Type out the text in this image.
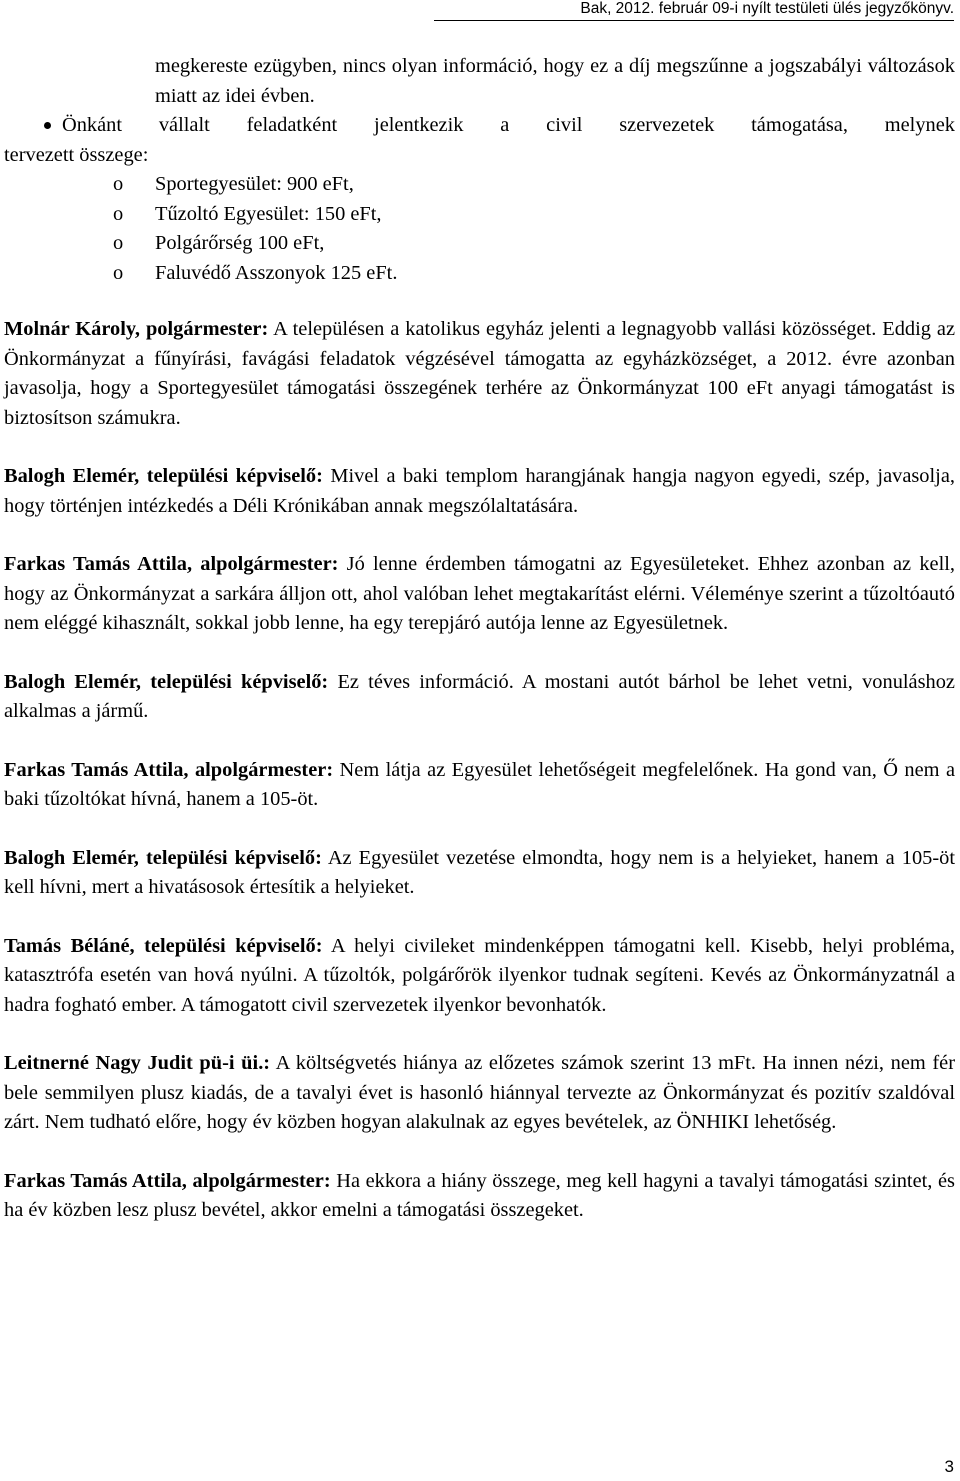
Bak, 2012. február 09-i nyílt testületi ülés jegyzőkönyv.
megkereste ezügyben, nincs olyan információ, hogy ez a díj megszűnne a jogszabályi változások miatt az idei évben.
Önkánt vállalt feladatként jelentkezik a civil szervezetek támogatása, melynek
tervezett összege:
o Sportegyesület: 900 eFt,
o Tűzoltó Egyesület: 150 eFt,
o Polgárőrség 100 eFt,
o Faluvédő Asszonyok 125 eFt.

Molnár Károly, polgármester: A településen a katolikus egyház jelenti a legnagyobb vallási közösséget. Eddig az Önkormányzat a fűnyírási, favágási feladatok végzésével támogatta az egyházközséget, a 2012. évre azonban javasolja, hogy a Sportegyesület támogatási összegének terhére az Önkormányzat 100 eFt anyagi támogatást is biztosítson számukra.

Balogh Elemér, települési képviselő: Mivel a baki templom harangjának hangja nagyon egyedi, szép, javasolja, hogy történjen intézkedés a Déli Krónikában annak megszólaltatására.

Farkas Tamás Attila, alpolgármester: Jó lenne érdemben támogatni az Egyesületeket. Ehhez azonban az kell, hogy az Önkormányzat a sarkára álljon ott, ahol valóban lehet megtakarítást elérni. Véleménye szerint a tűzoltóautó nem eléggé kihasznált, sokkal jobb lenne, ha egy terepjáró autója lenne az Egyesületnek.

Balogh Elemér, települési képviselő: Ez téves információ. A mostani autót bárhol be lehet vetni, vonuláshoz alkalmas a jármű.

Farkas Tamás Attila, alpolgármester: Nem látja az Egyesület lehetőségeit megfelelőnek. Ha gond van, Ő nem a baki tűzoltókat hívná, hanem a 105-öt.

Balogh Elemér, települési képviselő: Az Egyesület vezetése elmondta, hogy nem is a helyieket, hanem a 105-öt kell hívni, mert a hivatásosok értesítik a helyieket.

Tamás Béláné, települési képviselő: A helyi civileket mindenképpen támogatni kell. Kisebb, helyi probléma, katasztrófa esetén van hová nyúlni. A tűzoltók, polgárőrök ilyenkor tudnak segíteni. Kevés az Önkormányzatnál a hadra fogható ember. A támogatott civil szervezetek ilyenkor bevonhatók.

Leitnerné Nagy Judit pü-i üi.: A költségvetés hiánya az előzetes számok szerint 13 mFt. Ha innen nézi, nem fér bele semmilyen plusz kiadás, de a tavalyi évet is hasonló hiánnyal tervezte az Önkormányzat és pozitív szaldóval zárt. Nem tudható előre, hogy év közben hogyan alakulnak az egyes bevételek, az ÖNHIKI lehetőség.

Farkas Tamás Attila, alpolgármester: Ha ekkora a hiány összege, meg kell hagyni a tavalyi támogatási szintet, és ha év közben lesz plusz bevétel, akkor emelni a támogatási összegeket.

3
